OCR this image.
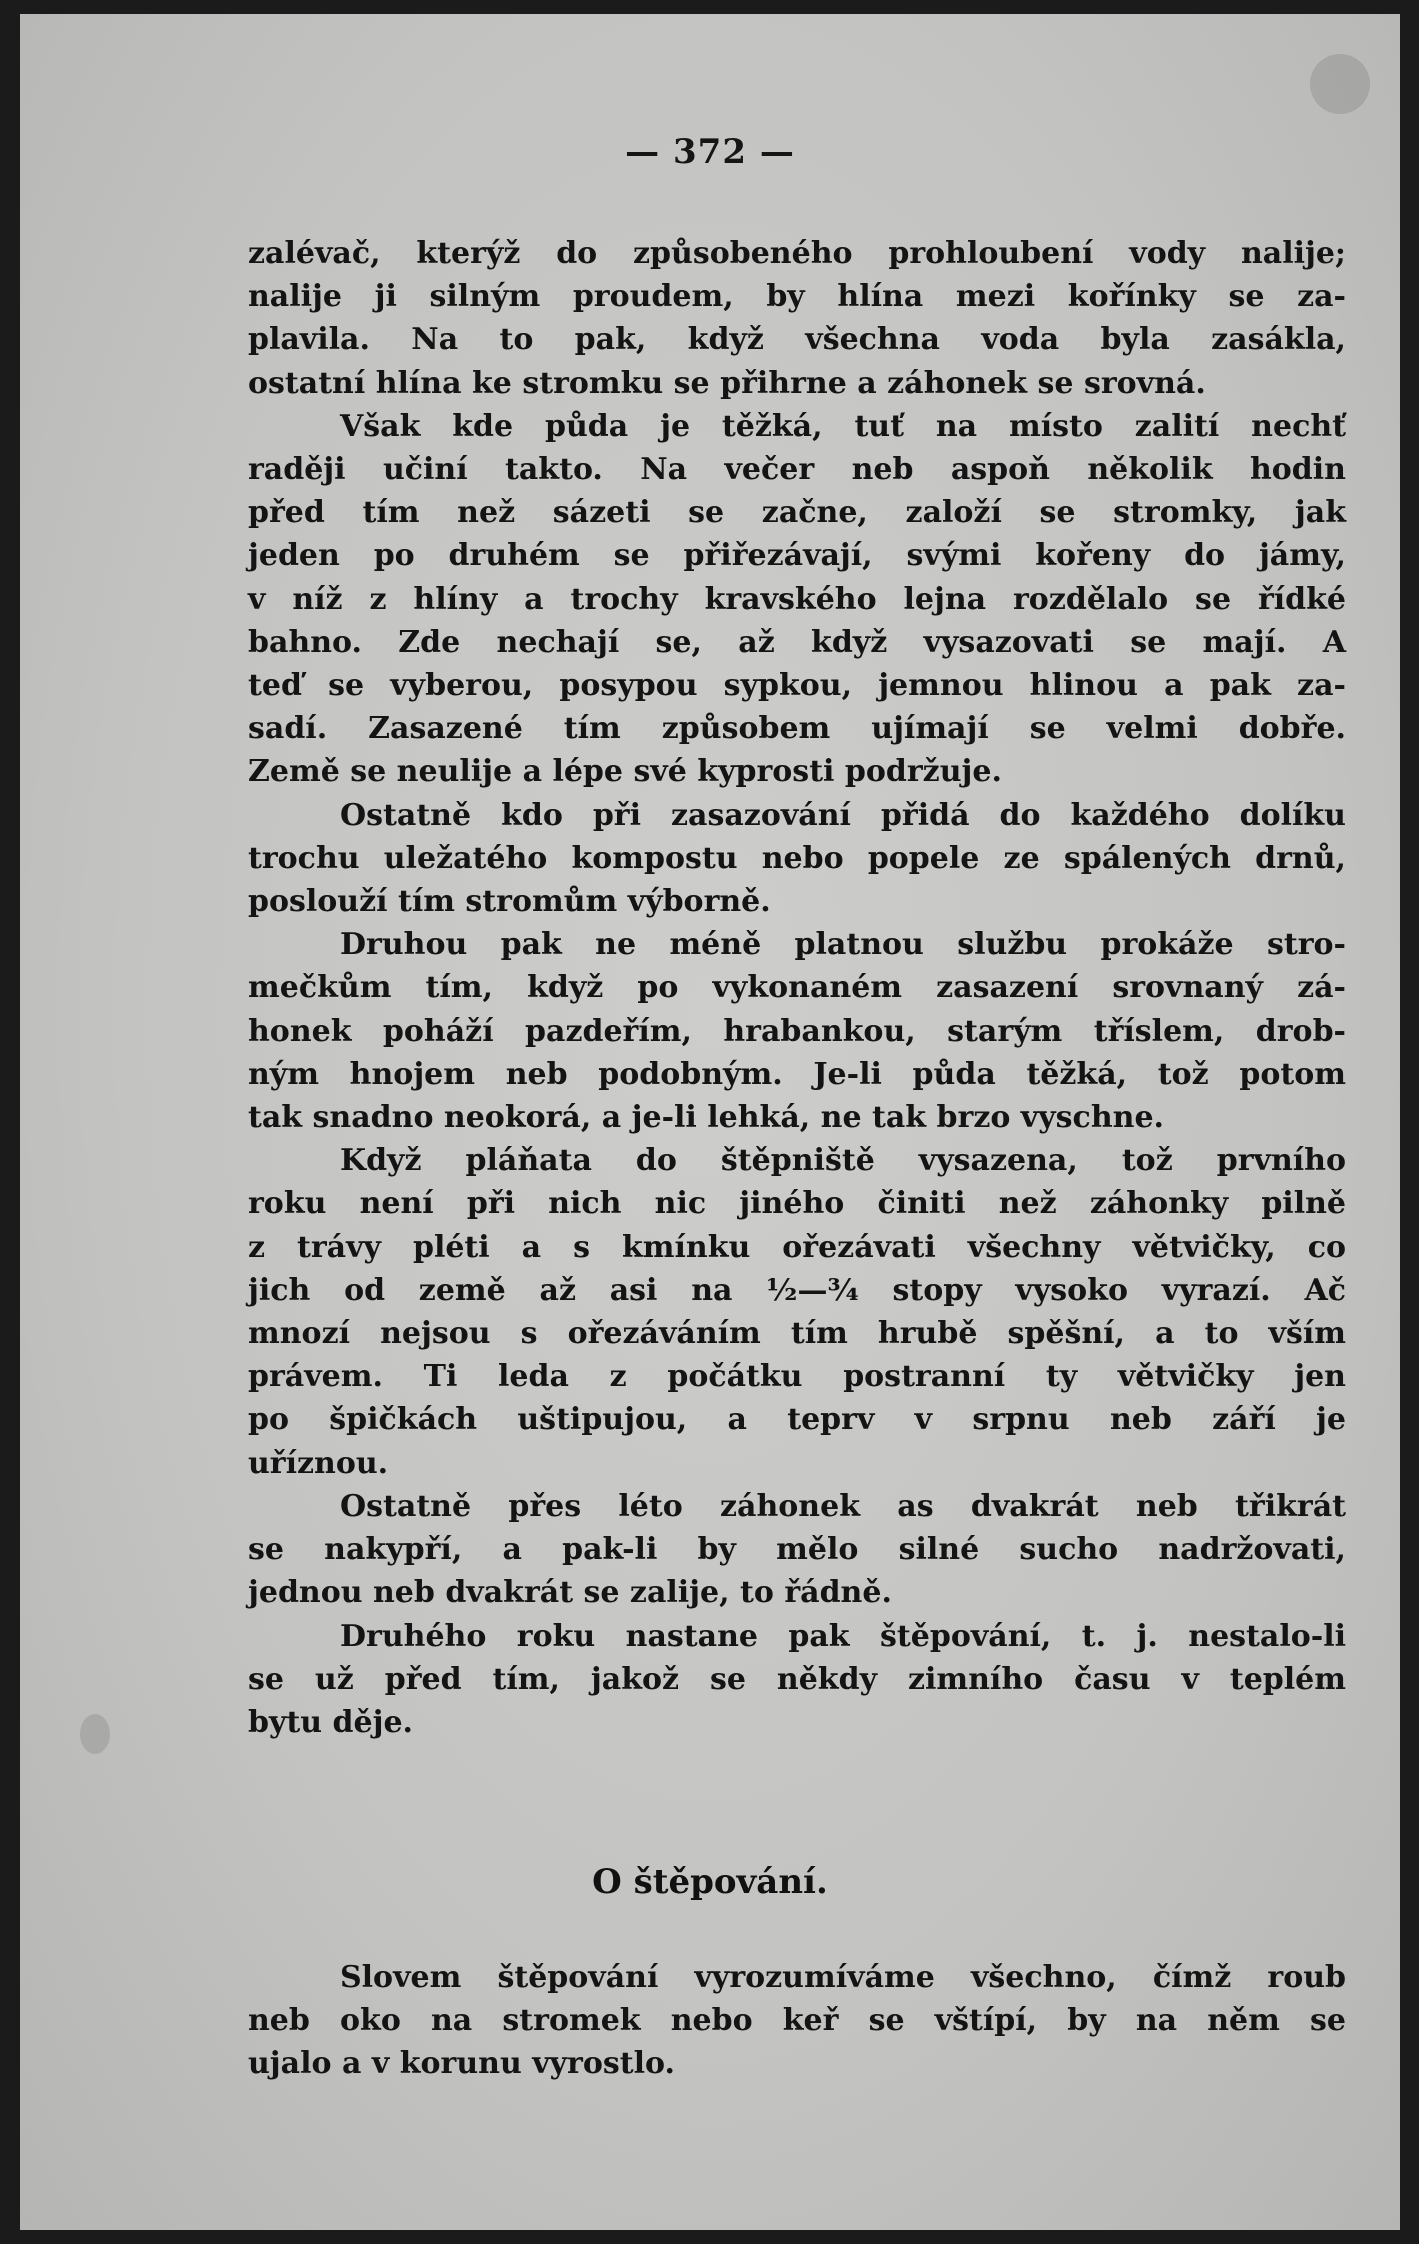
— 372 —
zalévač, kterýž do způsobeného prohloubení vody nalije;
nalije ji silným proudem, by hlína mezi kořínky se za-
plavila. Na to pak, když všechna voda byla zasákla,
ostatní hlína ke stromku se přihrne a záhonek se srovná.
Však kde půda je těžká, tuť na místo zalití nechť
raději učiní takto. Na večer neb aspoň několik hodin
před tím než sázeti se začne, založí se stromky, jak
jeden po druhém se přiřezávají, svými kořeny do jámy,
v níž z hlíny a trochy kravského lejna rozdělalo se řídké
bahno. Zde nechají se, až když vysazovati se mají. A
teď se vyberou, posypou sypkou, jemnou hlinou a pak za-
sadí. Zasazené tím způsobem ujímají se velmi dobře.
Země se neulije a lépe své kyprosti podržuje.
Ostatně kdo při zasazování přidá do každého dolíku
trochu uležatého kompostu nebo popele ze spálených drnů,
poslouží tím stromům výborně.
Druhou pak ne méně platnou službu prokáže stro-
mečkům tím, když po vykonaném zasazení srovnaný zá-
honek poháží pazdeřím, hrabankou, starým tříslem, drob-
ným hnojem neb podobným. Je-li půda těžká, tož potom
tak snadno neokorá, a je-li lehká, ne tak brzo vyschne.
Když pláňata do štěpniště vysazena, tož prvního
roku není při nich nic jiného činiti než záhonky pilně
z trávy pléti a s kmínku ořezávati všechny větvičky, co
jich od země až asi na ½—¾ stopy vysoko vyrazí. Ač
mnozí nejsou s ořezáváním tím hrubě spěšní, a to vším
právem. Ti leda z počátku postranní ty větvičky jen
po špičkách uštipujou, a teprv v srpnu neb září je
uříznou.
Ostatně přes léto záhonek as dvakrát neb třikrát
se nakypří, a pak-li by mělo silné sucho nadržovati,
jednou neb dvakrát se zalije, to řádně.
Druhého roku nastane pak štěpování, t. j. nestalo-li
se už před tím, jakož se někdy zimního času v teplém
bytu děje.
O štěpování.
Slovem štěpování vyrozumíváme všechno, čímž roub
neb oko na stromek nebo keř se vštípí, by na něm se
ujalo a v korunu vyrostlo.
